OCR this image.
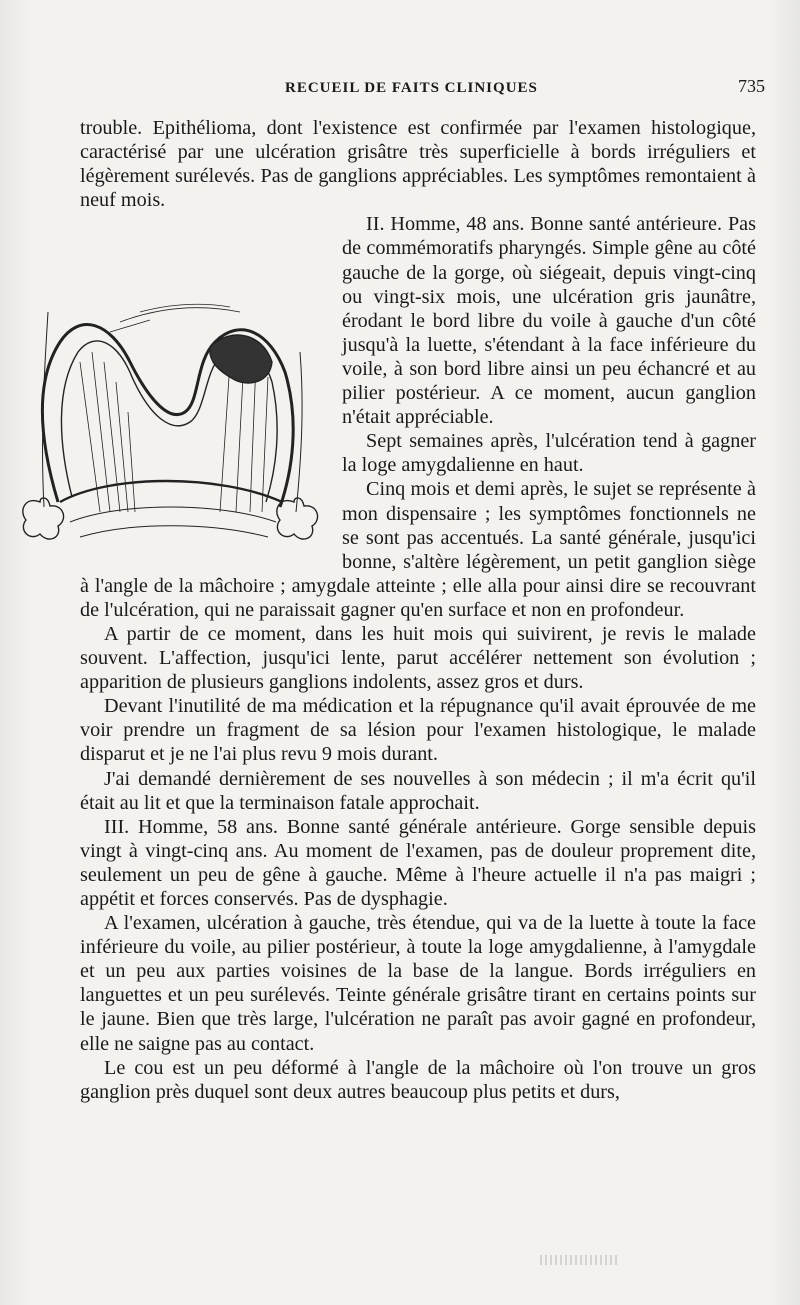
RECUEIL DE FAITS CLINIQUES	735

trouble. Epithélioma, dont l'existence est confirmée par l'examen histologique, caractérisé par une ulcération grisâtre très superficielle à bords irréguliers et légèrement surélevés. Pas de ganglions appréciables. Les symptômes remontaient à neuf mois.

II. Homme, 48 ans. Bonne santé antérieure. Pas de commémoratifs pharyngés. Simple gêne au côté gauche de la gorge, où siégeait, depuis vingt-cinq ou vingt-six mois, une ulcération gris jaunâtre, érodant le bord libre du voile à gauche d'un côté jusqu'à la luette, s'étendant à la face inférieure du voile, à son bord libre ainsi un peu échancré et au pilier postérieur. A ce moment, aucun ganglion n'était appréciable.

Sept semaines après, l'ulcération tend à gagner la loge amygdalienne en haut.

Cinq mois et demi après, le sujet se représente à mon dispensaire ; les symptômes fonctionnels ne se sont pas accentués. La santé générale, jusqu'ici bonne, s'altère légèrement, un petit ganglion siège à l'angle de la mâchoire ; amygdale atteinte ; elle alla pour ainsi dire se recouvrant de l'ulcération, qui ne paraissait gagner qu'en surface et non en profondeur.

A partir de ce moment, dans les huit mois qui suivirent, je revis le malade souvent. L'affection, jusqu'ici lente, parut accélérer nettement son évolution ; apparition de plusieurs ganglions indolents, assez gros et durs.

Devant l'inutilité de ma médication et la répugnance qu'il avait éprouvée de me voir prendre un fragment de sa lésion pour l'examen histologique, le malade disparut et je ne l'ai plus revu 9 mois durant.

J'ai demandé dernièrement de ses nouvelles à son médecin ; il m'a écrit qu'il était au lit et que la terminaison fatale approchait.

III. Homme, 58 ans. Bonne santé générale antérieure. Gorge sensible depuis vingt à vingt-cinq ans. Au moment de l'examen, pas de douleur proprement dite, seulement un peu de gêne à gauche. Même à l'heure actuelle il n'a pas maigri ; appétit et forces conservés. Pas de dysphagie.

A l'examen, ulcération à gauche, très étendue, qui va de la luette à toute la face inférieure du voile, au pilier postérieur, à toute la loge amygdalienne, à l'amygdale et un peu aux parties voisines de la base de la langue. Bords irréguliers en languettes et un peu surélevés. Teinte générale grisâtre tirant en certains points sur le jaune. Bien que très large, l'ulcération ne paraît pas avoir gagné en profondeur, elle ne saigne pas au contact.

Le cou est un peu déformé à l'angle de la mâchoire où l'on trouve un gros ganglion près duquel sont deux autres beaucoup plus petits et durs,
